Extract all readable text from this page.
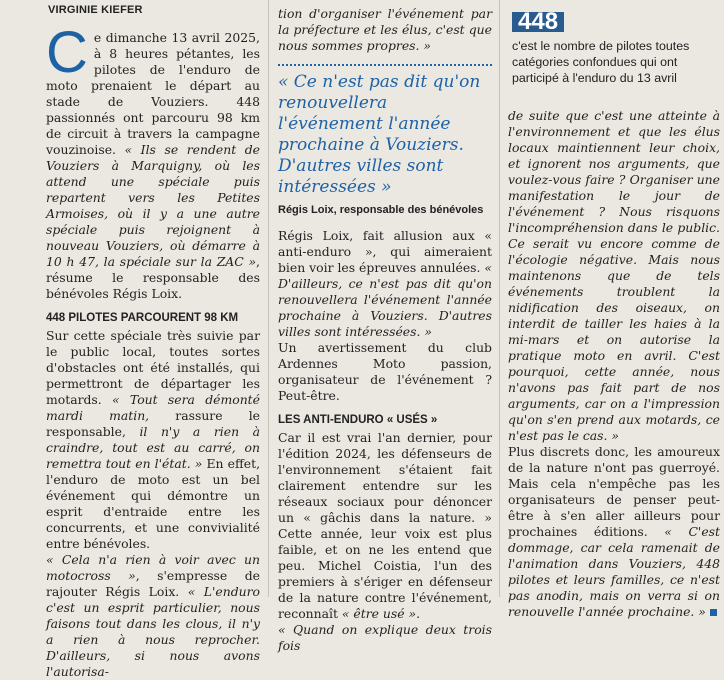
VIRGINIE KIEFER

Ce dimanche 13 avril 2025, à 8 heures pétantes, les pilotes de l'enduro de moto prenaient le départ au stade de Vouziers. 448 passionnés ont parcouru 98 km de circuit à travers la campagne vouzinoise. « Ils se rendent de Vouziers à Marquigny, où les attend une spéciale puis repartent vers les Petites Armoises, où il y a une autre spéciale puis rejoignent à nouveau Vouziers, où démarre à 10 h 47, la spéciale sur la ZAC », résume le responsable des bénévoles Régis Loix.

448 PILOTES PARCOURENT 98 KM

Sur cette spéciale très suivie par le public local, toutes sortes d'obstacles ont été installés, qui permettront de départager les motards. « Tout sera démonté mardi matin, rassure le responsable, il n'y a rien à craindre, tout est au carré, on remettra tout en l'état. » En effet, l'enduro de moto est un bel événement qui démontre un esprit d'entraide entre les concurrents, et une convivialité entre bénévoles.

« Cela n'a rien à voir avec un motocross », s'empresse de rajouter Régis Loix. « L'enduro c'est un esprit particulier, nous faisons tout dans les clous, il n'y a rien à nous reprocher. D'ailleurs, si nous avons l'autorisa-

tion d'organiser l'événement par la préfecture et les élus, c'est que nous sommes propres. »

« Ce n'est pas dit qu'on renouvellera l'événement l'année prochaine à Vouziers. D'autres villes sont intéressées »
Régis Loix, responsable des bénévoles

Régis Loix, fait allusion aux « anti-enduro », qui aimeraient bien voir les épreuves annulées. « D'ailleurs, ce n'est pas dit qu'on renouvellera l'événement l'année prochaine à Vouziers. D'autres villes sont intéressées. »

Un avertissement du club Ardennes Moto passion, organisateur de l'événement ? Peut-être.

LES ANTI-ENDURO « USÉS »

Car il est vrai l'an dernier, pour l'édition 2024, les défenseurs de l'environnement s'étaient fait clairement entendre sur les réseaux sociaux pour dénoncer un « gâchis dans la nature. » Cette année, leur voix est plus faible, et on ne les entend que peu. Michel Coistia, l'un des premiers à s'ériger en défenseur de la nature contre l'événement, reconnaît « être usé ».

« Quand on explique deux trois fois

448
c'est le nombre de pilotes toutes catégories confondues qui ont participé à l'enduro du 13 avril

de suite que c'est une atteinte à l'environnement et que les élus locaux maintiennent leur choix, et ignorent nos arguments, que voulez-vous faire ? Organiser une manifestation le jour de l'événement ? Nous risquons l'incompréhension dans le public. Ce serait vu encore comme de l'écologie négative. Mais nous maintenons que de tels événements troublent la nidification des oiseaux, on interdit de tailler les haies à la mi-mars et on autorise la pratique moto en avril. C'est pourquoi, cette année, nous n'avons pas fait part de nos arguments, car on a l'impression qu'on s'en prend aux motards, ce n'est pas le cas. »

Plus discrets donc, les amoureux de la nature n'ont pas guerroyé. Mais cela n'empêche pas les organisateurs de penser peut-être à s'en aller ailleurs pour prochaines éditions. « C'est dommage, car cela ramenait de l'animation dans Vouziers, 448 pilotes et leurs familles, ce n'est pas anodin, mais on verra si on renouvelle l'année prochaine. »
